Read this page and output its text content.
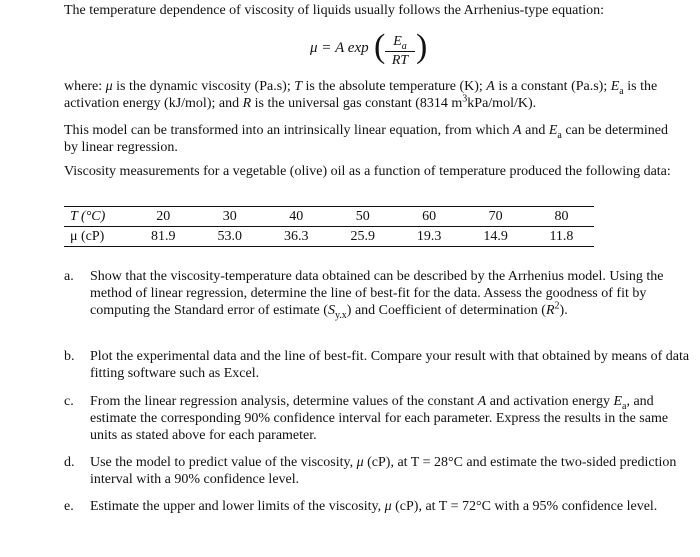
The temperature dependence of viscosity of liquids usually follows the Arrhenius-type equation:
μ = A exp ( $E_a$
RT )
where: μ is the dynamic viscosity (Pa.s); T is the absolute temperature (K); A is a constant (Pa.s); $E_a$ is the activation energy (kJ/mol); and R is the universal gas constant (8314 $m^3kPa/mol/K$).
This model can be transformed into an intrinsically linear equation, from which A and $E_a$ can be determined by linear regression.
Viscosity measurements for a vegetable (olive) oil as a function of temperature produced the following data:
T (°C)	20	30	40	50	60	70	80
μ (cP)	81.9	53.0	36.3	25.9	19.3	14.9	11.8
a. Show that the viscosity-temperature data obtained can be described by the Arrhenius model. Using the method of linear regression, determine the line of best-fit for the data. Assess the goodness of fit by computing the Standard error of estimate $(S_{y.x})$ and Coefficient of determination $(R^2)$.
b. Plot the experimental data and the line of best-fit. Compare your result with that obtained by means of data fitting software such as Excel.
c. From the linear regression analysis, determine values of the constant A and activation energy $E_a$, and estimate the corresponding 90% confidence interval for each parameter. Express the results in the same units as stated above for each parameter.
d. Use the model to predict value of the viscosity, μ (cP), at T = 28°C and estimate the two-sided prediction interval with a 90% confidence level.
e. Estimate the upper and lower limits of the viscosity, μ (cP), at T = 72°C with a 95% confidence level.
